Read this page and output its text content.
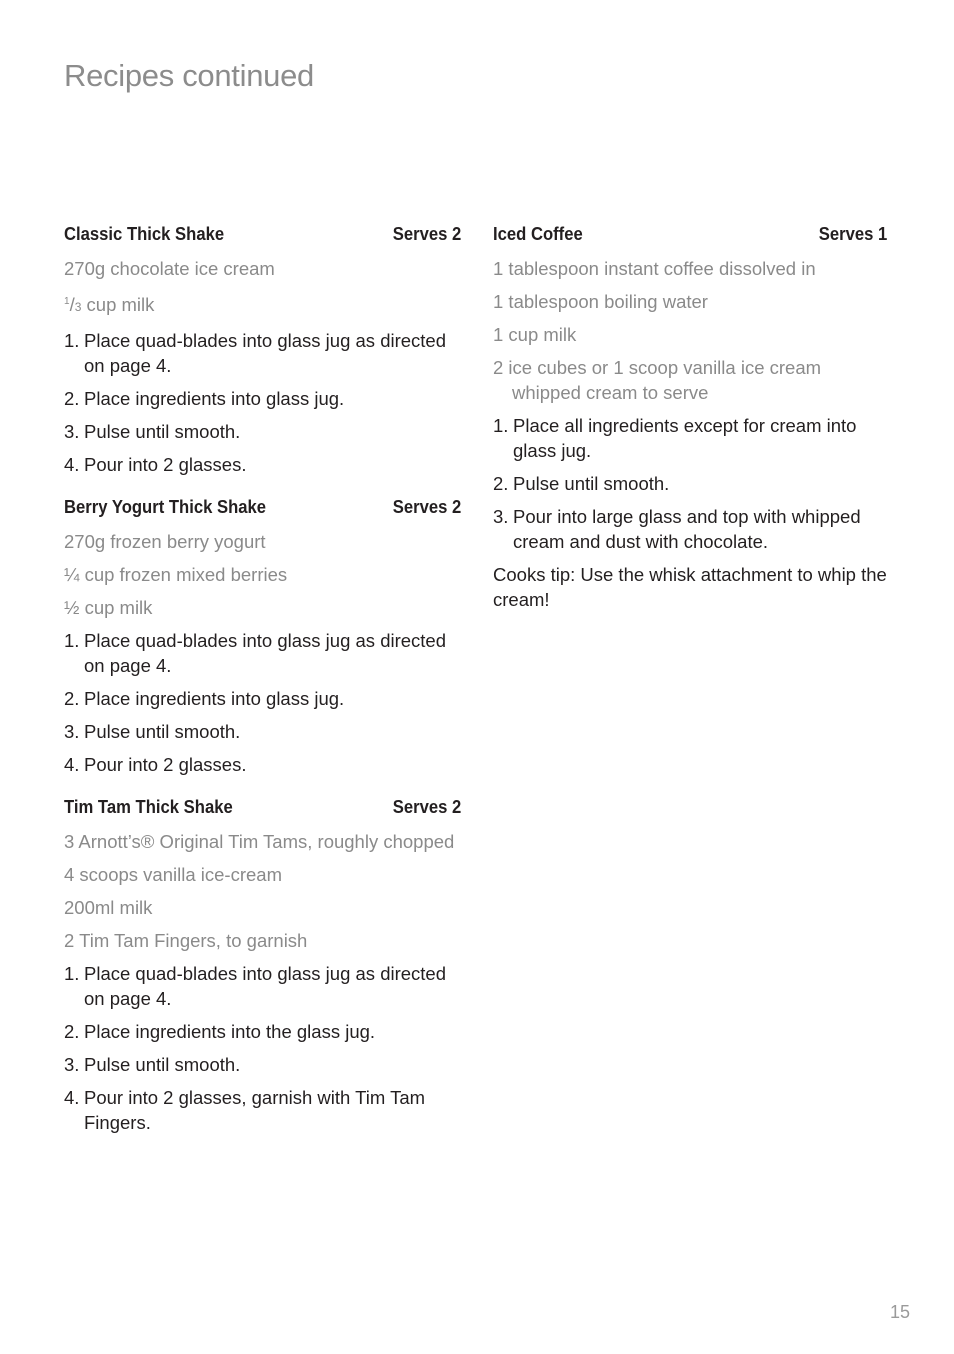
Recipes continued
Classic Thick Shake	Serves 2
270g chocolate ice cream
$^1$/3 cup milk
1. Place quad-blades into glass jug as directed on page 4.
2. Place ingredients into glass jug.
3. Pulse until smooth.
4. Pour into 2 glasses.
Berry Yogurt Thick Shake	Serves 2
270g frozen berry yogurt
¼ cup frozen mixed berries
½ cup milk
1. Place quad-blades into glass jug as directed on page 4.
2. Place ingredients into glass jug.
3. Pulse until smooth.
4. Pour into 2 glasses.
Tim Tam Thick Shake	Serves 2
3 Arnott’s® Original Tim Tams, roughly chopped
4 scoops vanilla ice-cream
200ml milk
2 Tim Tam Fingers, to garnish
1. Place quad-blades into glass jug as directed on page 4.
2. Place ingredients into the glass jug.
3. Pulse until smooth.
4. Pour into 2 glasses, garnish with Tim Tam Fingers.
Iced Coffee	Serves 1
1 tablespoon instant coffee dissolved in
1 tablespoon boiling water
1 cup milk
2 ice cubes or 1 scoop vanilla ice cream whipped cream to serve
1. Place all ingredients except for cream into glass jug.
2. Pulse until smooth.
3. Pour into large glass and top with whipped cream and dust with chocolate.

Cooks tip: Use the whisk attachment to whip the cream!

15
